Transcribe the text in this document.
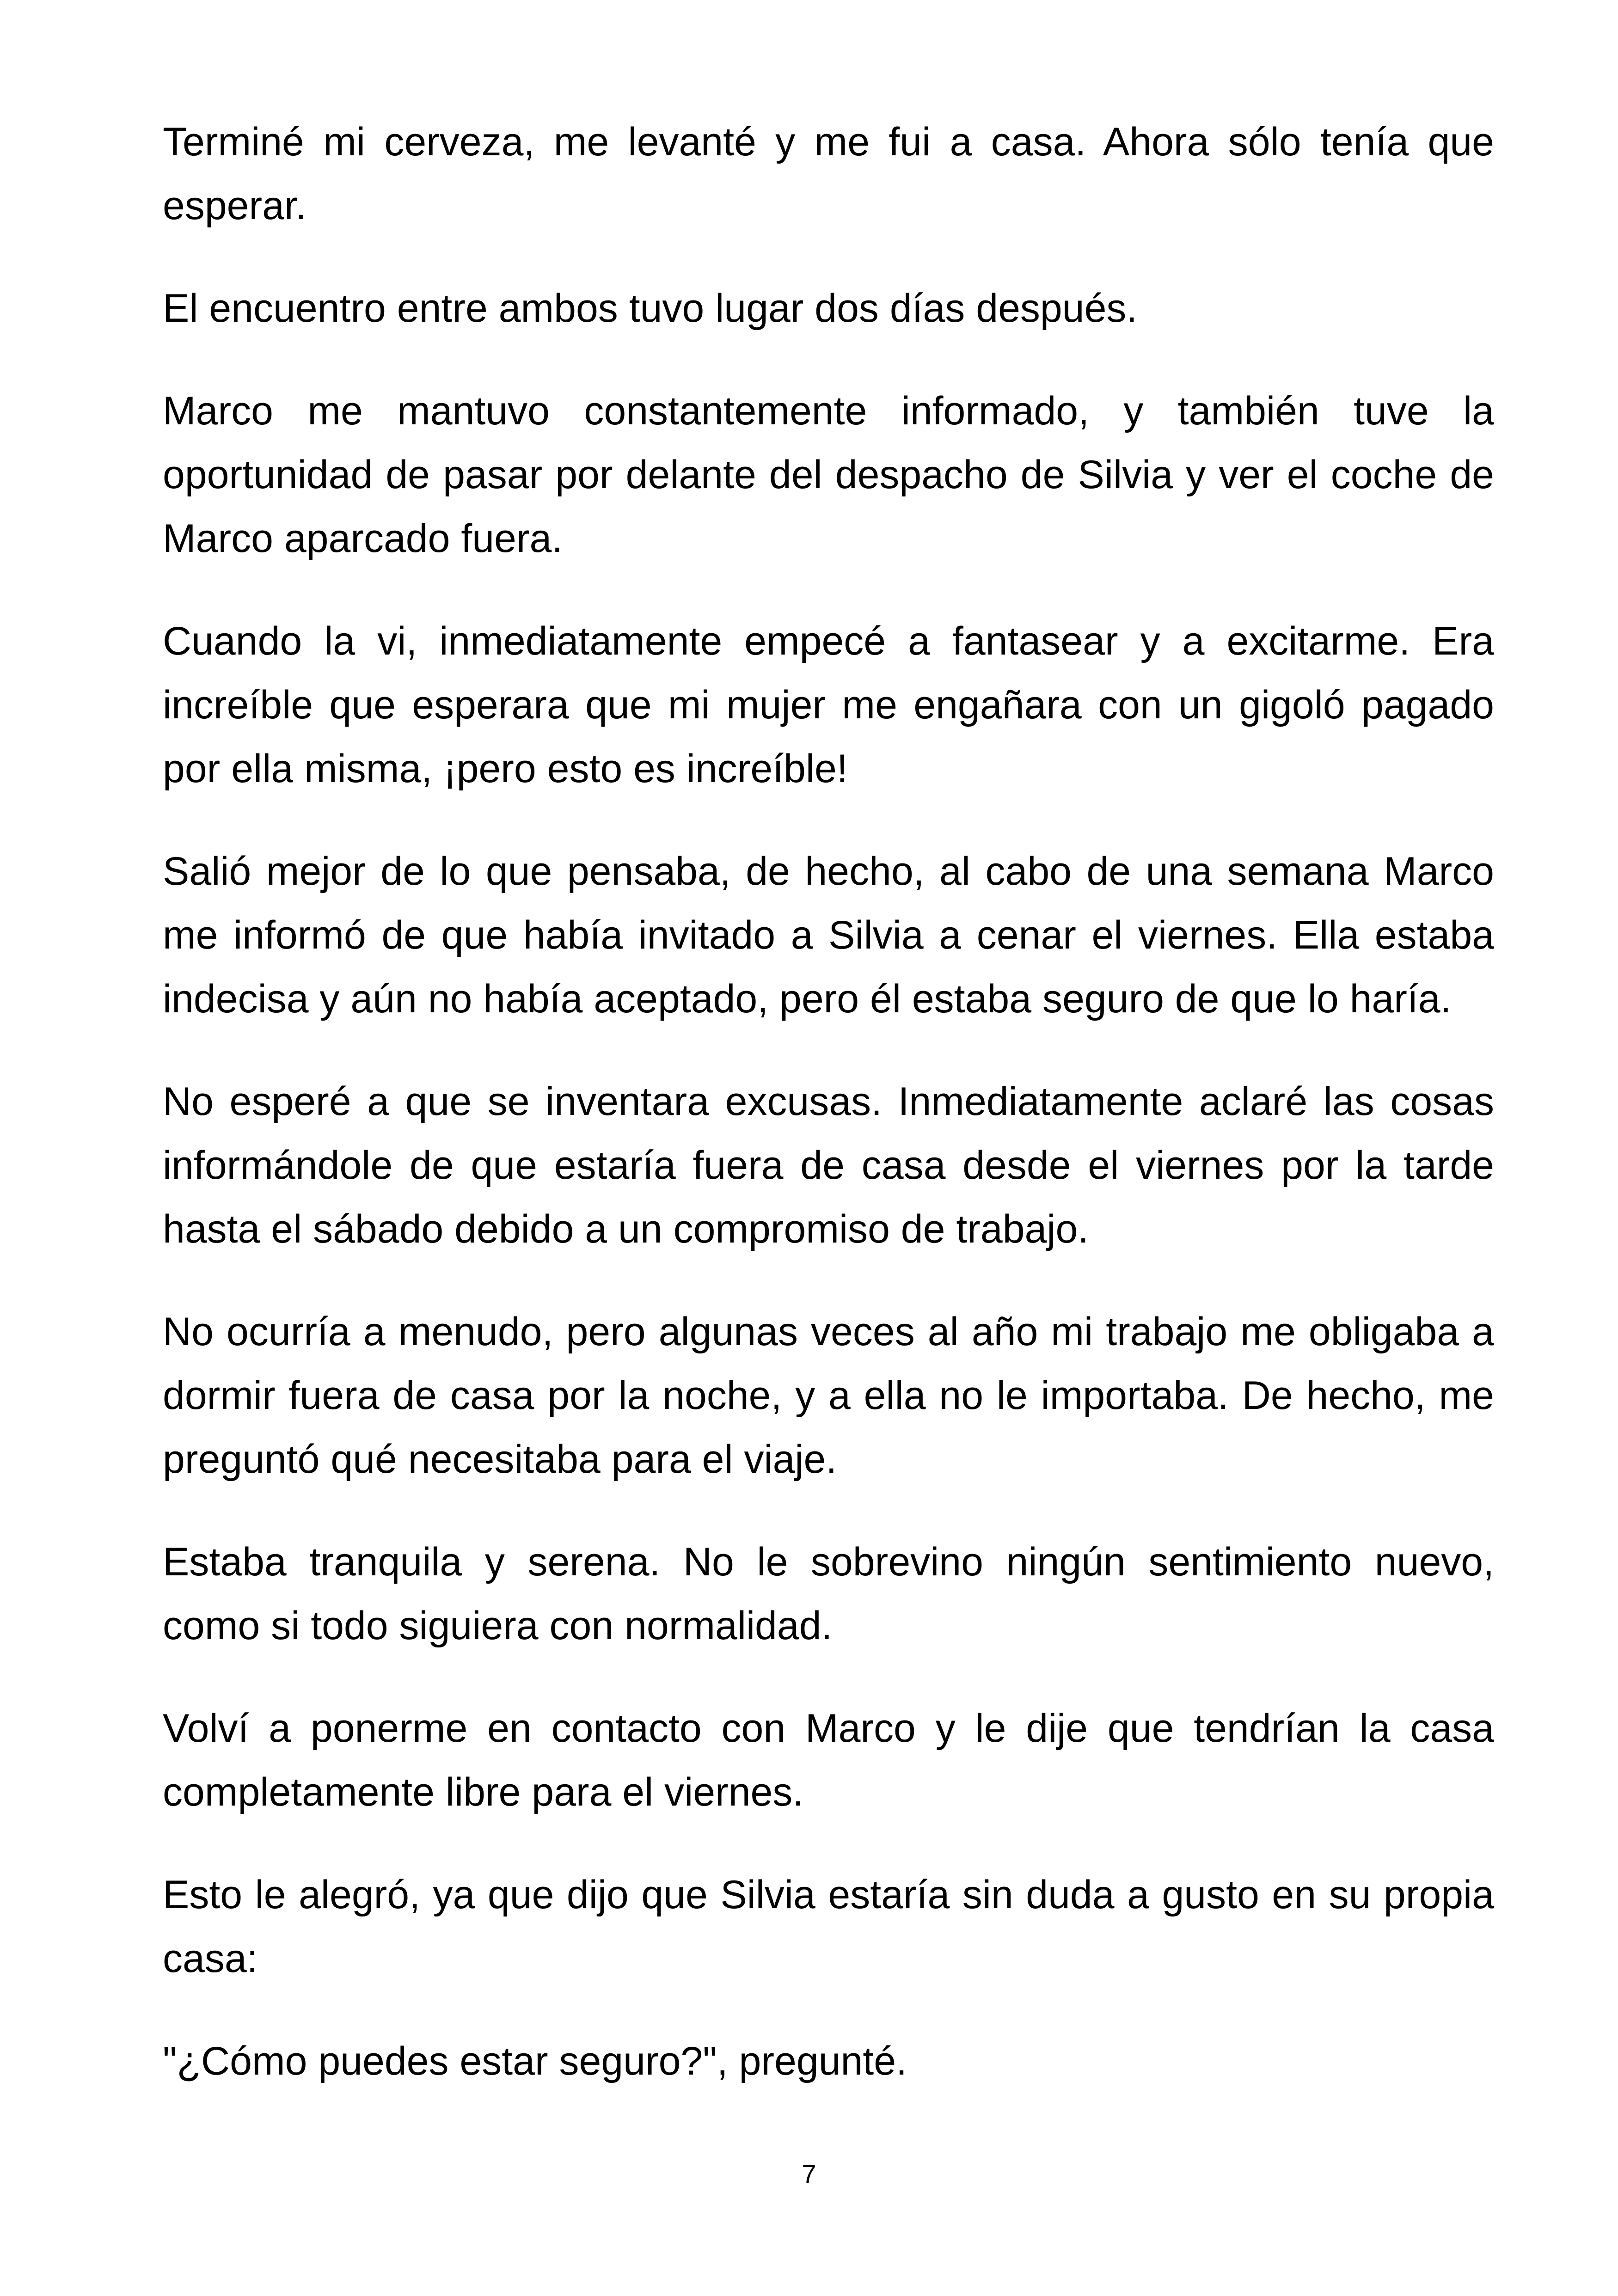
Terminé mi cerveza, me levanté y me fui a casa. Ahora sólo tenía que esperar.

El encuentro entre ambos tuvo lugar dos días después.

Marco me mantuvo constantemente informado, y también tuve la oportunidad de pasar por delante del despacho de Silvia y ver el coche de Marco aparcado fuera.

Cuando la vi, inmediatamente empecé a fantasear y a excitarme. Era increíble que esperara que mi mujer me engañara con un gigoló pagado por ella misma, ¡pero esto es increíble!

Salió mejor de lo que pensaba, de hecho, al cabo de una semana Marco me informó de que había invitado a Silvia a cenar el viernes. Ella estaba indecisa y aún no había aceptado, pero él estaba seguro de que lo haría.

No esperé a que se inventara excusas. Inmediatamente aclaré las cosas informándole de que estaría fuera de casa desde el viernes por la tarde hasta el sábado debido a un compromiso de trabajo.

No ocurría a menudo, pero algunas veces al año mi trabajo me obligaba a dormir fuera de casa por la noche, y a ella no le importaba. De hecho, me preguntó qué necesitaba para el viaje.

Estaba tranquila y serena. No le sobrevino ningún sentimiento nuevo, como si todo siguiera con normalidad.

Volví a ponerme en contacto con Marco y le dije que tendrían la casa completamente libre para el viernes.

Esto le alegró, ya que dijo que Silvia estaría sin duda a gusto en su propia casa:

"¿Cómo puedes estar seguro?", pregunté.

7
